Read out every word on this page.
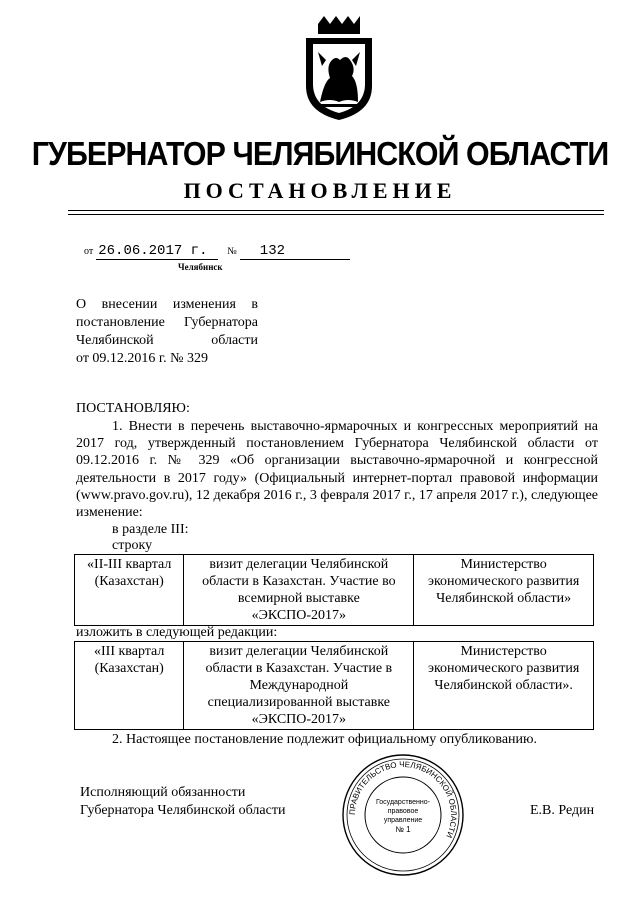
ГУБЕРНАТОР ЧЕЛЯБИНСКОЙ ОБЛАСТИ
ПОСТАНОВЛЕНИЕ
от 26.06.2017 г. № 132
Челябинск
О внесении изменения в
постановление Губернатора
Челябинской области
от 09.12.2016 г. № 329
ПОСТАНОВЛЯЮ:
1. Внести в перечень выставочно-ярмарочных и конгрессных мероприятий на 2017 год, утвержденный постановлением Губернатора Челябинской области от 09.12.2016 г. № 329 «Об организации выставочно-ярмарочной и конгрессной деятельности в 2017 году» (Официальный интернет-портал правовой информации (www.pravo.gov.ru), 12 декабря 2016 г., 3 февраля 2017 г., 17 апреля 2017 г.), следующее изменение:
в разделе III:
строку
«II-III квартал
(Казахстан)

визит делегации Челябинской
области в Казахстан. Участие во
всемирной выставке
«ЭКСПО-2017»

Министерство
экономического развития
Челябинской области»
изложить в следующей редакции:
«III квартал
(Казахстан)

визит делегации Челябинской
области в Казахстан. Участие в
Международной
специализированной выставке
«ЭКСПО-2017»

Министерство
экономического развития
Челябинской области».
2. Настоящее постановление подлежит официальному опубликованию.
Исполняющий обязанности
Губернатора Челябинской области	Е.В. Редин
ПРАВИТЕЛЬСТВО ЧЕЛЯБИНСКОЙ ОБЛАСТИ
Государственно-
правовое
управление
№ 1
